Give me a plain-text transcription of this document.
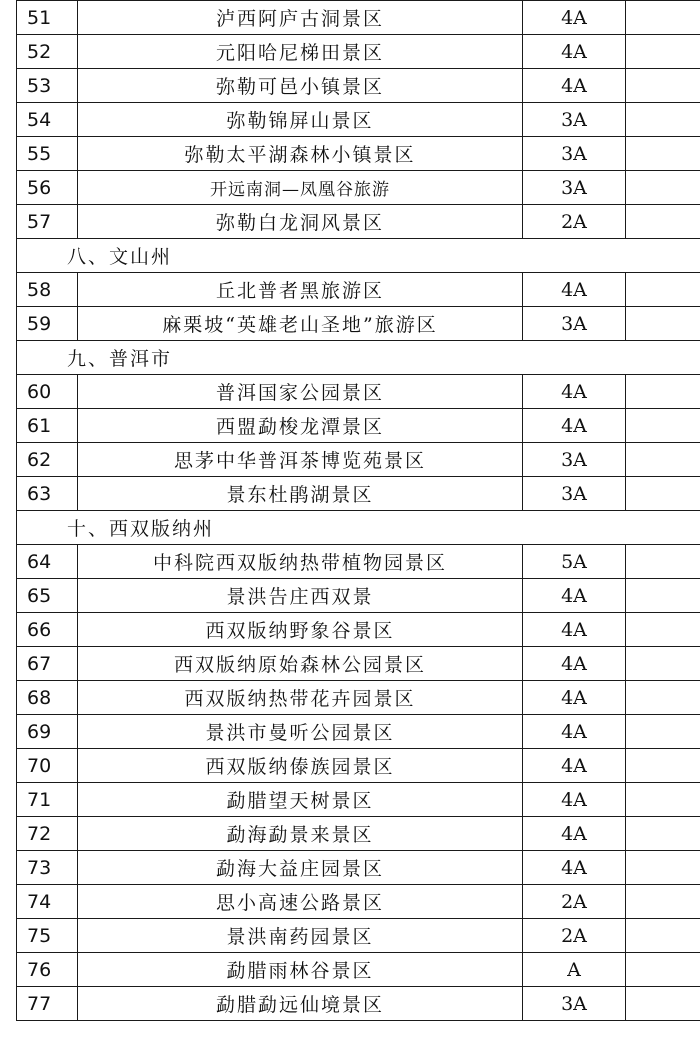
51	泸西阿庐古洞景区	4A	
52	元阳哈尼梯田景区	4A	
53	弥勒可邑小镇景区	4A	
54	弥勒锦屏山景区	3A	
55	弥勒太平湖森林小镇景区	3A	
56	开远南洞—凤凰谷旅游	3A	
57	弥勒白龙洞风景区	2A	
八、文山州			
58	丘北普者黑旅游区	4A	
59	麻栗坡“英雄老山圣地”旅游区	3A	
九、普洱市			
60	普洱国家公园景区	4A	
61	西盟勐梭龙潭景区	4A	
62	思茅中华普洱茶博览苑景区	3A	
63	景东杜鹃湖景区	3A	
十、西双版纳州			
64	中科院西双版纳热带植物园景区	5A	
65	景洪告庄西双景	4A	
66	西双版纳野象谷景区	4A	
67	西双版纳原始森林公园景区	4A	
68	西双版纳热带花卉园景区	4A	
69	景洪市曼听公园景区	4A	
70	西双版纳傣族园景区	4A	
71	勐腊望天树景区	4A	
72	勐海勐景来景区	4A	
73	勐海大益庄园景区	4A	
74	思小高速公路景区	2A	
75	景洪南药园景区	2A	
76	勐腊雨林谷景区	A	
77	勐腊勐远仙境景区	3A	
